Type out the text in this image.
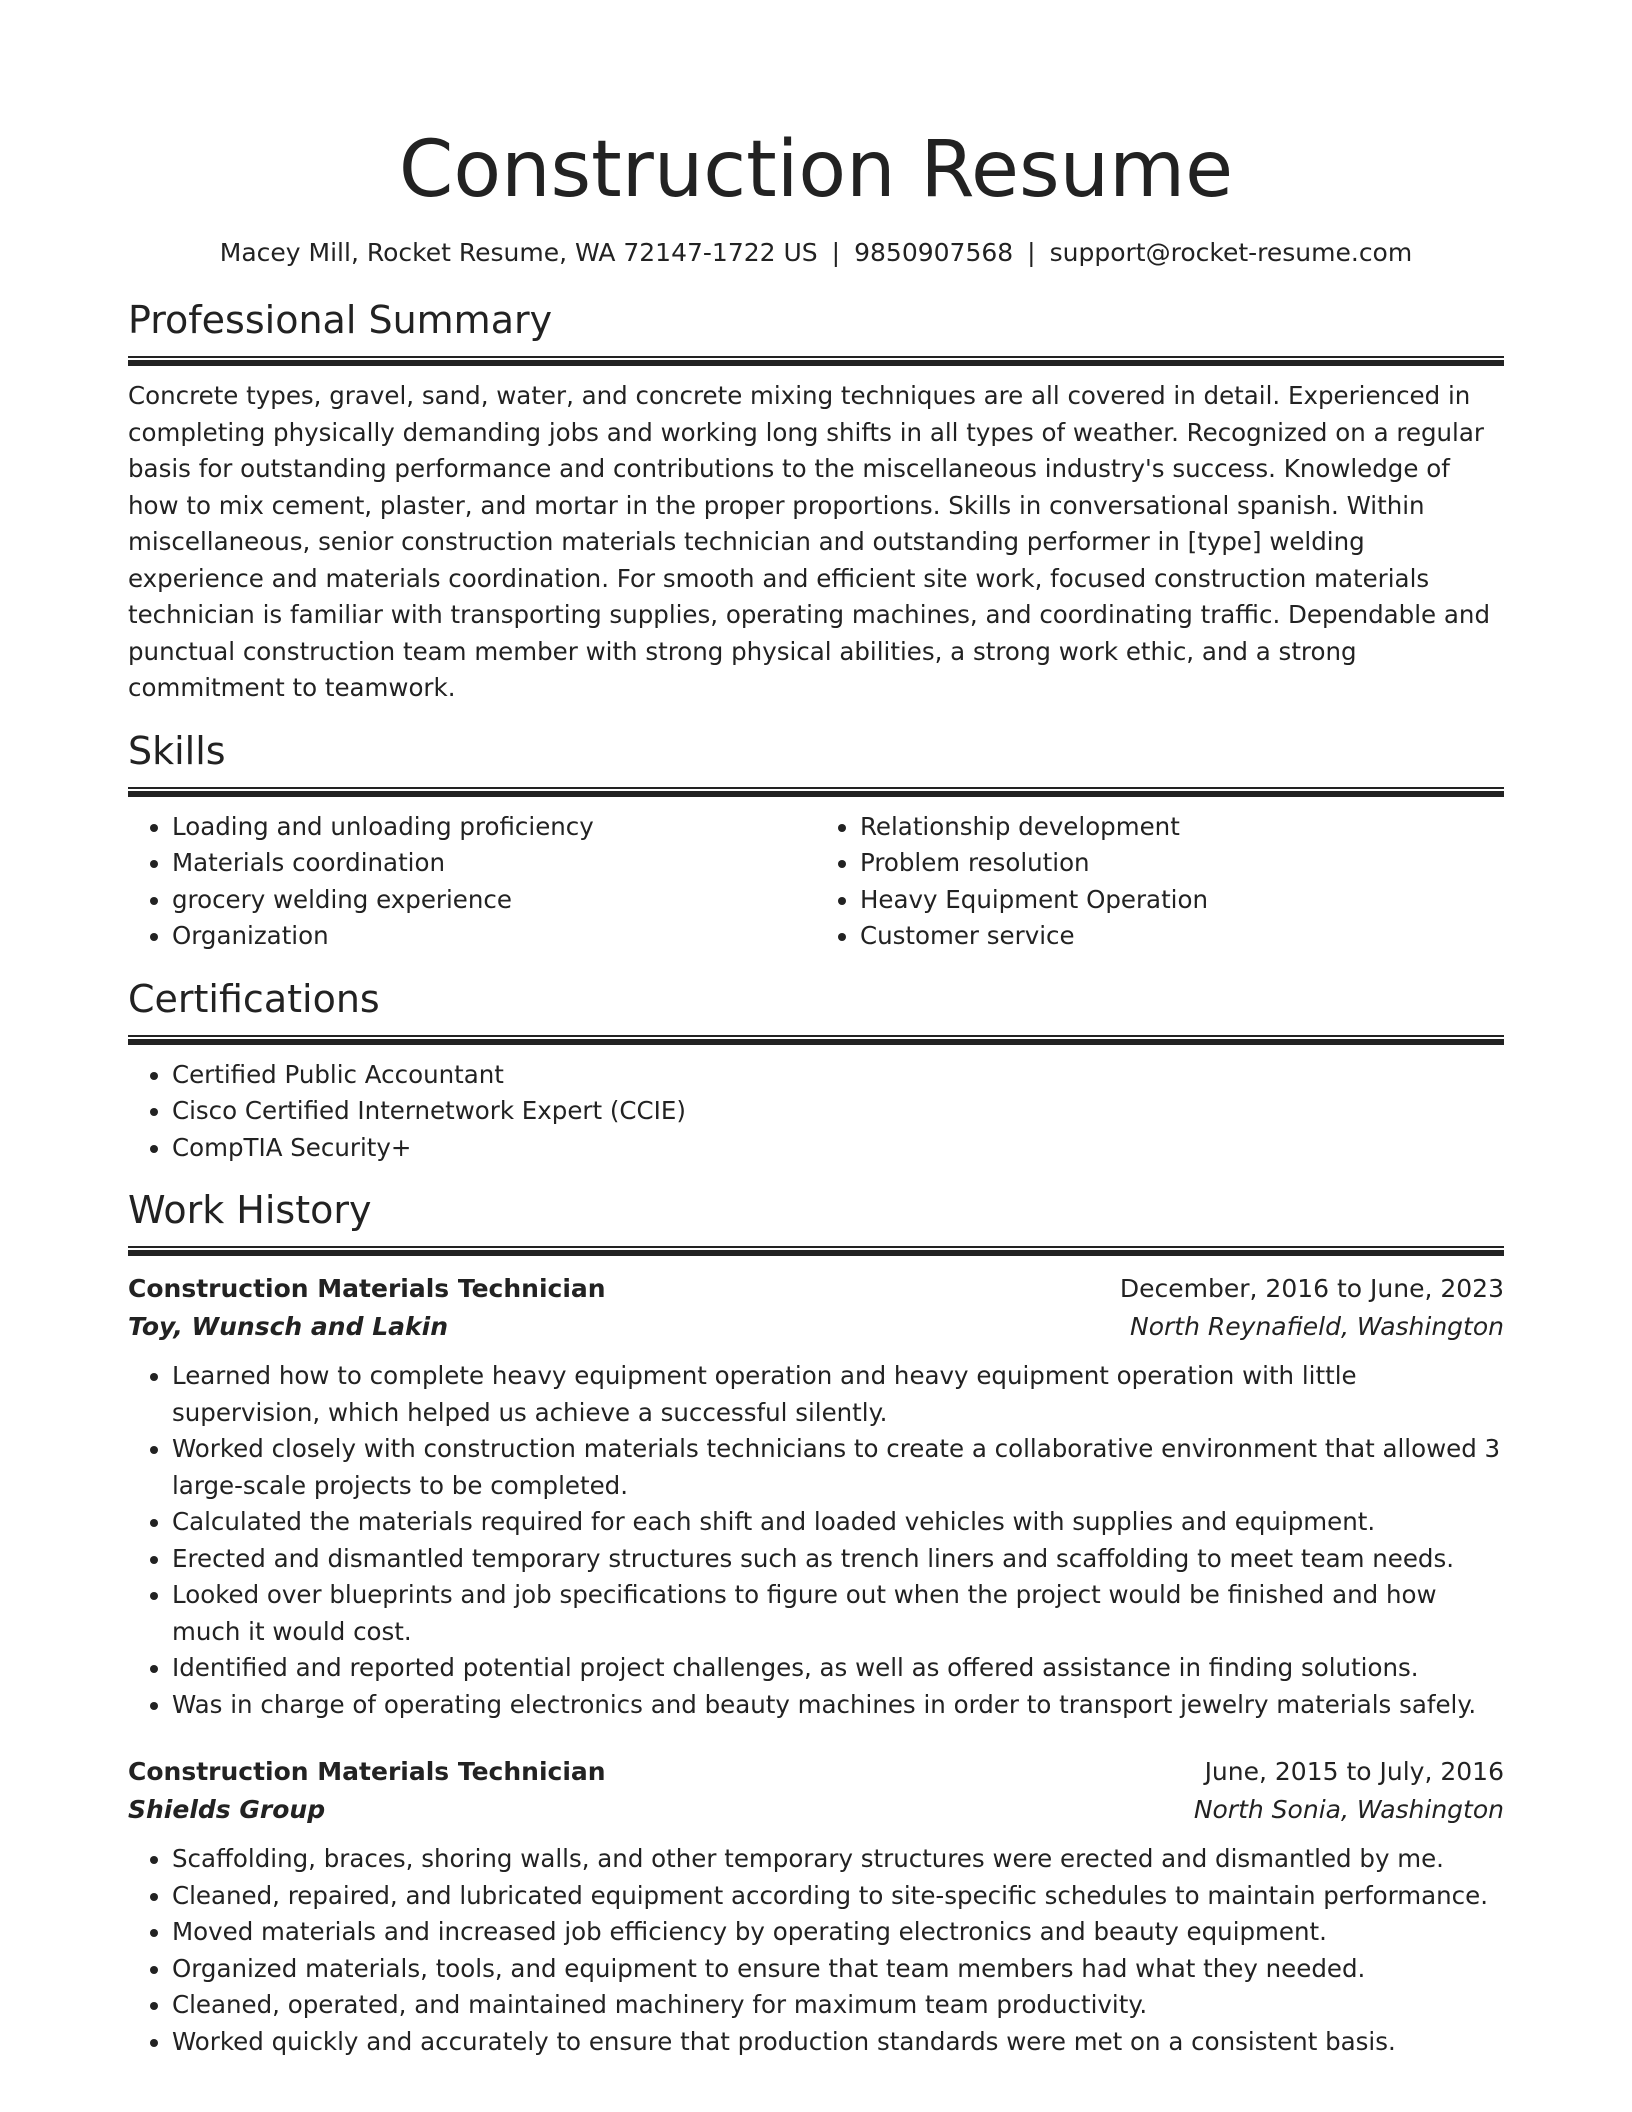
Construction Resume
Macey Mill, Rocket Resume, WA 72147-1722 US | 9850907568 | support@rocket-resume.com
Professional Summary

Concrete types, gravel, sand, water, and concrete mixing techniques are all covered in detail. Experienced in completing physically demanding jobs and working long shifts in all types of weather. Recognized on a regular basis for outstanding performance and contributions to the miscellaneous industry's success. Knowledge of how to mix cement, plaster, and mortar in the proper proportions. Skills in conversational spanish. Within miscellaneous, senior construction materials technician and outstanding performer in [type] welding experience and materials coordination. For smooth and efficient site work, focused construction materials technician is familiar with transporting supplies, operating machines, and coordinating traffic. Dependable and punctual construction team member with strong physical abilities, a strong work ethic, and a strong commitment to teamwork.

Skills
• Loading and unloading proficiency
• Materials coordination
• grocery welding experience
• Organization
• Relationship development
• Problem resolution
• Heavy Equipment Operation
• Customer service
Certifications
• Certified Public Accountant
• Cisco Certified Internetwork Expert (CCIE)
• CompTIA Security+
Work History
Construction Materials Technician	December, 2016 to June, 2023
Toy, Wunsch and Lakin	North Reynafield, Washington
• Learned how to complete heavy equipment operation and heavy equipment operation with little supervision, which helped us achieve a successful silently.
• Worked closely with construction materials technicians to create a collaborative environment that allowed 3 large-scale projects to be completed.
• Calculated the materials required for each shift and loaded vehicles with supplies and equipment.
• Erected and dismantled temporary structures such as trench liners and scaffolding to meet team needs.
• Looked over blueprints and job specifications to figure out when the project would be finished and how much it would cost.
• Identified and reported potential project challenges, as well as offered assistance in finding solutions.
• Was in charge of operating electronics and beauty machines in order to transport jewelry materials safely.
Construction Materials Technician	June, 2015 to July, 2016
Shields Group	North Sonia, Washington
• Scaffolding, braces, shoring walls, and other temporary structures were erected and dismantled by me.
• Cleaned, repaired, and lubricated equipment according to site-specific schedules to maintain performance.
• Moved materials and increased job efficiency by operating electronics and beauty equipment.
• Organized materials, tools, and equipment to ensure that team members had what they needed.
• Cleaned, operated, and maintained machinery for maximum team productivity.
• Worked quickly and accurately to ensure that production standards were met on a consistent basis.
